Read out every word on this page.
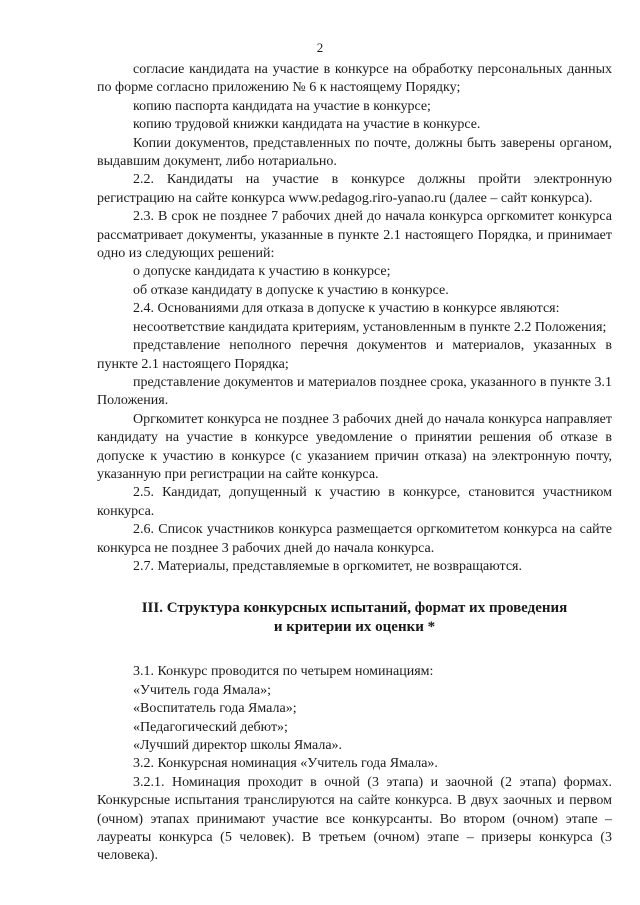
2

согласие кандидата на участие в конкурсе на обработку персональных данных по форме согласно приложению № 6 к настоящему Порядку;

копию паспорта кандидата на участие в конкурсе;

копию трудовой книжки кандидата на участие в конкурсе.

Копии документов, представленных по почте, должны быть заверены органом, выдавшим документ, либо нотариально.

2.2. Кандидаты на участие в конкурсе должны пройти электронную регистрацию на сайте конкурса www.pedagog.riro-yanao.ru (далее – сайт конкурса).

2.3. В срок не позднее 7 рабочих дней до начала конкурса оргкомитет конкурса рассматривает документы, указанные в пункте 2.1 настоящего Порядка, и принимает одно из следующих решений:

о допуске кандидата к участию в конкурсе;

об отказе кандидату в допуске к участию в конкурсе.

2.4. Основаниями для отказа в допуске к участию в конкурсе являются:

несоответствие кандидата критериям, установленным в пункте 2.2 Положения;

представление неполного перечня документов и материалов, указанных в пункте 2.1 настоящего Порядка;

представление документов и материалов позднее срока, указанного в пункте 3.1 Положения.

Оргкомитет конкурса не позднее 3 рабочих дней до начала конкурса направляет кандидату на участие в конкурсе уведомление о принятии решения об отказе в допуске к участию в конкурсе (с указанием причин отказа) на электронную почту, указанную при регистрации на сайте конкурса.

2.5. Кандидат, допущенный к участию в конкурсе, становится участником конкурса.

2.6. Список участников конкурса размещается оргкомитетом конкурса на сайте конкурса не позднее 3 рабочих дней до начала конкурса.

2.7. Материалы, представляемые в оргкомитет, не возвращаются.

III. Структура конкурсных испытаний, формат их проведения
и критерии их оценки *

3.1. Конкурс проводится по четырем номинациям:

«Учитель года Ямала»;

«Воспитатель года Ямала»;

«Педагогический дебют»;

«Лучший директор школы Ямала».

3.2. Конкурсная номинация «Учитель года Ямала».

3.2.1. Номинация проходит в очной (3 этапа) и заочной (2 этапа) формах. Конкурсные испытания транслируются на сайте конкурса. В двух заочных и первом (очном) этапах принимают участие все конкурсанты. Во втором (очном) этапе – лауреаты конкурса (5 человек). В третьем (очном) этапе – призеры конкурса (3 человека).
